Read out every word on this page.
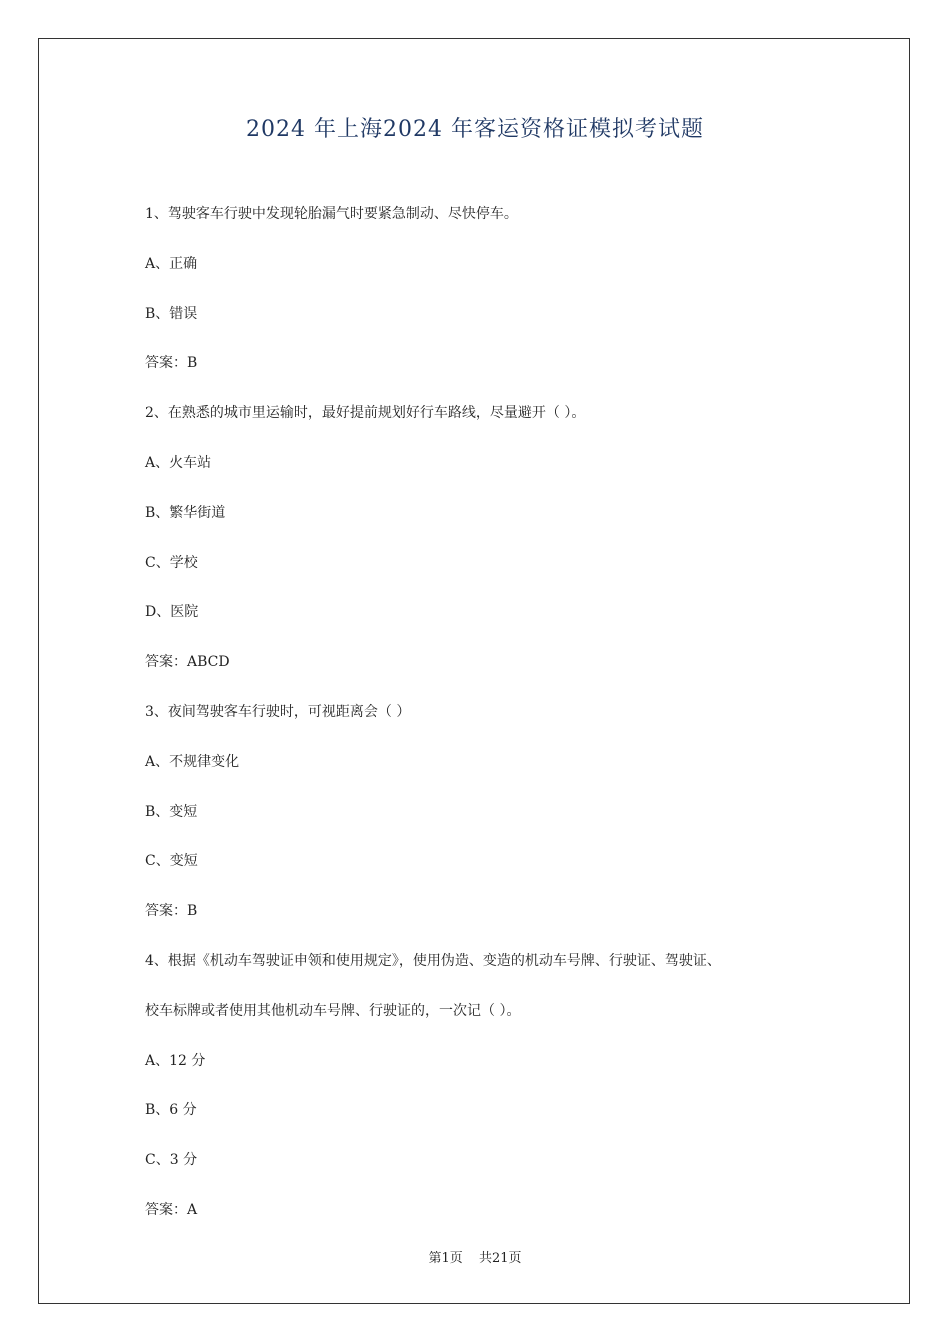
2024 年上海2024 年客运资格证模拟考试题
1、驾驶客车行驶中发现轮胎漏气时要紧急制动、尽快停车。
A、正确
B、错误
答案：B
2、在熟悉的城市里运输时，最好提前规划好行车路线，尽量避开（ ）。
A、火车站
B、繁华街道
C、学校
D、医院
答案：ABCD
3、夜间驾驶客车行驶时，可视距离会（ ）
A、不规律变化
B、变短
C、变短
答案：B
4、根据《机动车驾驶证申领和使用规定》，使用伪造、变造的机动车号牌、行驶证、驾驶证、
校车标牌或者使用其他机动车号牌、行驶证的，一次记（ ）。
A、12 分
B、6 分
C、3 分
答案：A
第1页 共21页
